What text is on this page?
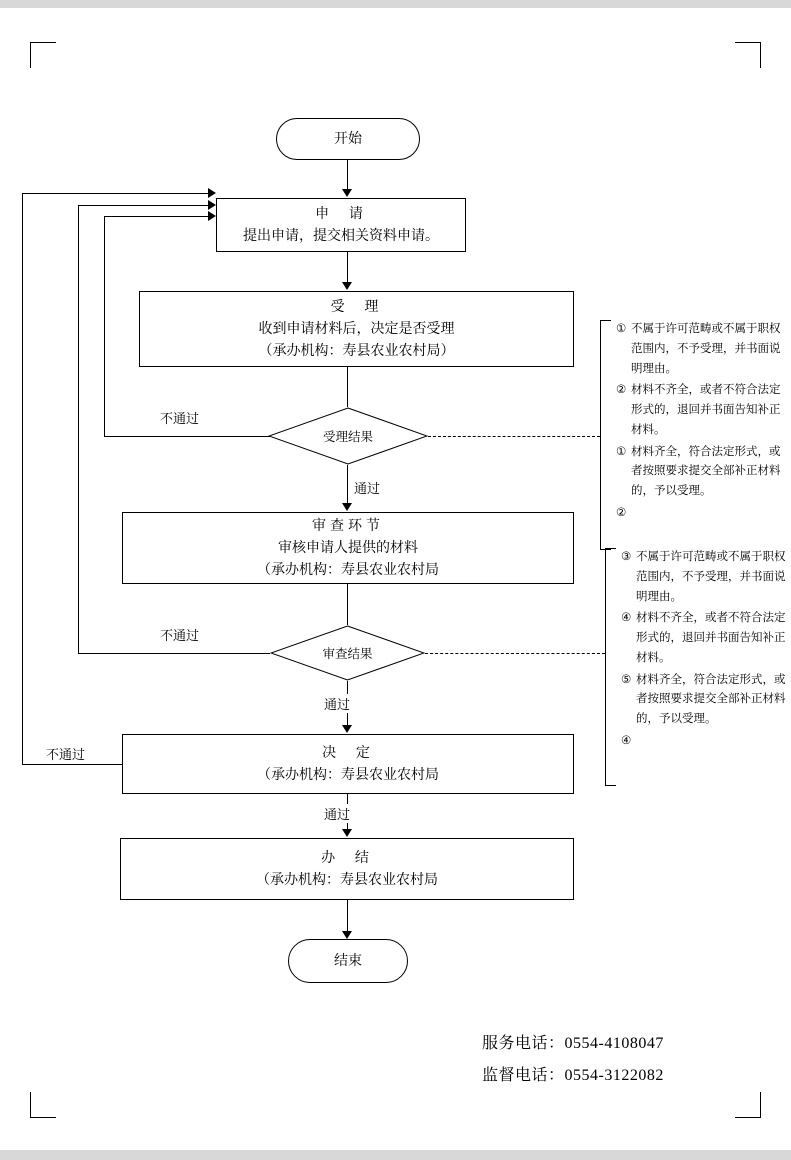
开始
申  请
提出申请，提交相关资料申请。
受  理
收到申请材料后，决定是否受理
（承办机构：寿县农业农村局）
受理结果
审查环节
审核申请人提供的材料
（承办机构：寿县农业农村局
审查结果
决  定
（承办机构：寿县农业农村局
办  结
（承办机构：寿县农业农村局
结束
不通过
通过
不通过
通过
不通过
通过
① 不属于许可范畴或不属于职权范围内，不予受理，并书面说明理由。
② 材料不齐全，或者不符合法定形式的，退回并书面告知补正材料。
① 材料齐全，符合法定形式，或者按照要求提交全部补正材料的，予以受理。
②
③ 不属于许可范畴或不属于职权范围内，不予受理，并书面说明理由。
④ 材料不齐全，或者不符合法定形式的，退回并书面告知补正材料。
⑤ 材料齐全，符合法定形式，或者按照要求提交全部补正材料的，予以受理。
④
服务电话：0554-4108047
监督电话：0554-3122082
